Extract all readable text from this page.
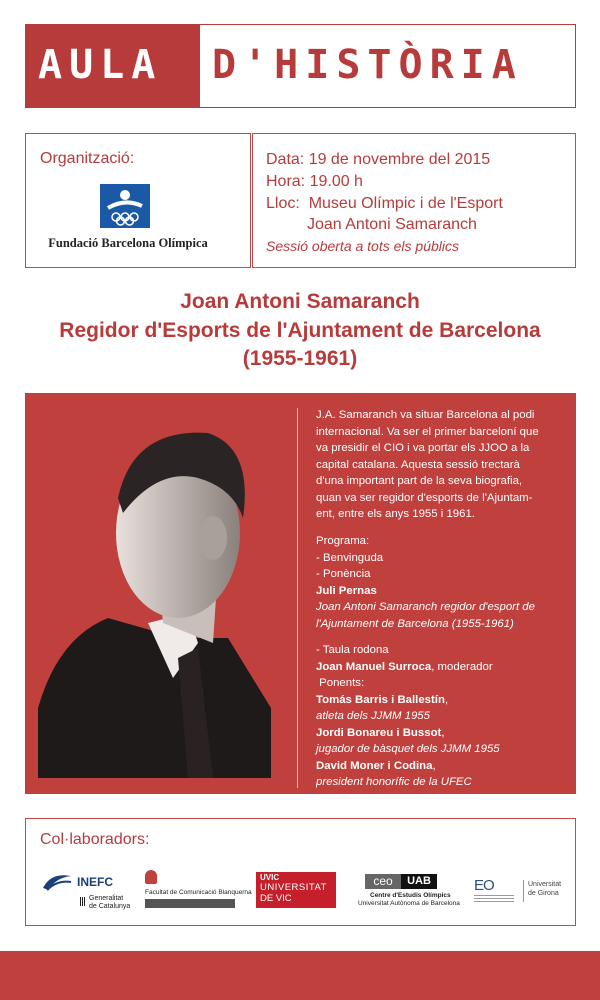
AULA D'HISTÒRIA
Organització:
Fundació Barcelona Olímpica
Data: 19 de novembre del 2015
Hora: 19.00 h
Lloc:  Museu Olímpic i de l'Esport
Joan Antoni Samaranch
Sessió oberta a tots els públics
Joan Antoni Samaranch
Regidor d'Esports de l'Ajuntament de Barcelona
(1955-1961)
J.A. Samaranch va situar Barcelona al podi
internacional. Va ser el primer barceloní que
va presidir el CIO i va portar els JJOO a la
capital catalana. Aquesta sessió trectarà
d'una important part de la seva biografia,
quan va ser regidor d'esports de l'Ajuntam-
ent, entre els anys 1955 i 1961.
Programa:
- Benvinguda
- Ponència
Juli Pernas
Joan Antoni Samaranch regidor d'esport de
l'Ajuntament de Barcelona (1955-1961)
- Taula rodona
Joan Manuel Surroca, moderador
Ponents:
Tomás Barris i Ballestín,
atleta dels JJMM 1955
Jordi Bonareu i Bussot,
jugador de bàsquet dels JJMM 1955
David Moner i Codina,
president honorífic de la UFEC
Col·laboradors:
INEFC
Generalitat
de Catalunya
Facultat de Comunicació Blanquerna
UVIC
UNIVERSITAT
DE VIC
ceo	UAB
Centre d'Estudis Olímpics
Universitat Autònoma de Barcelona
EO	Universitat
de Girona
